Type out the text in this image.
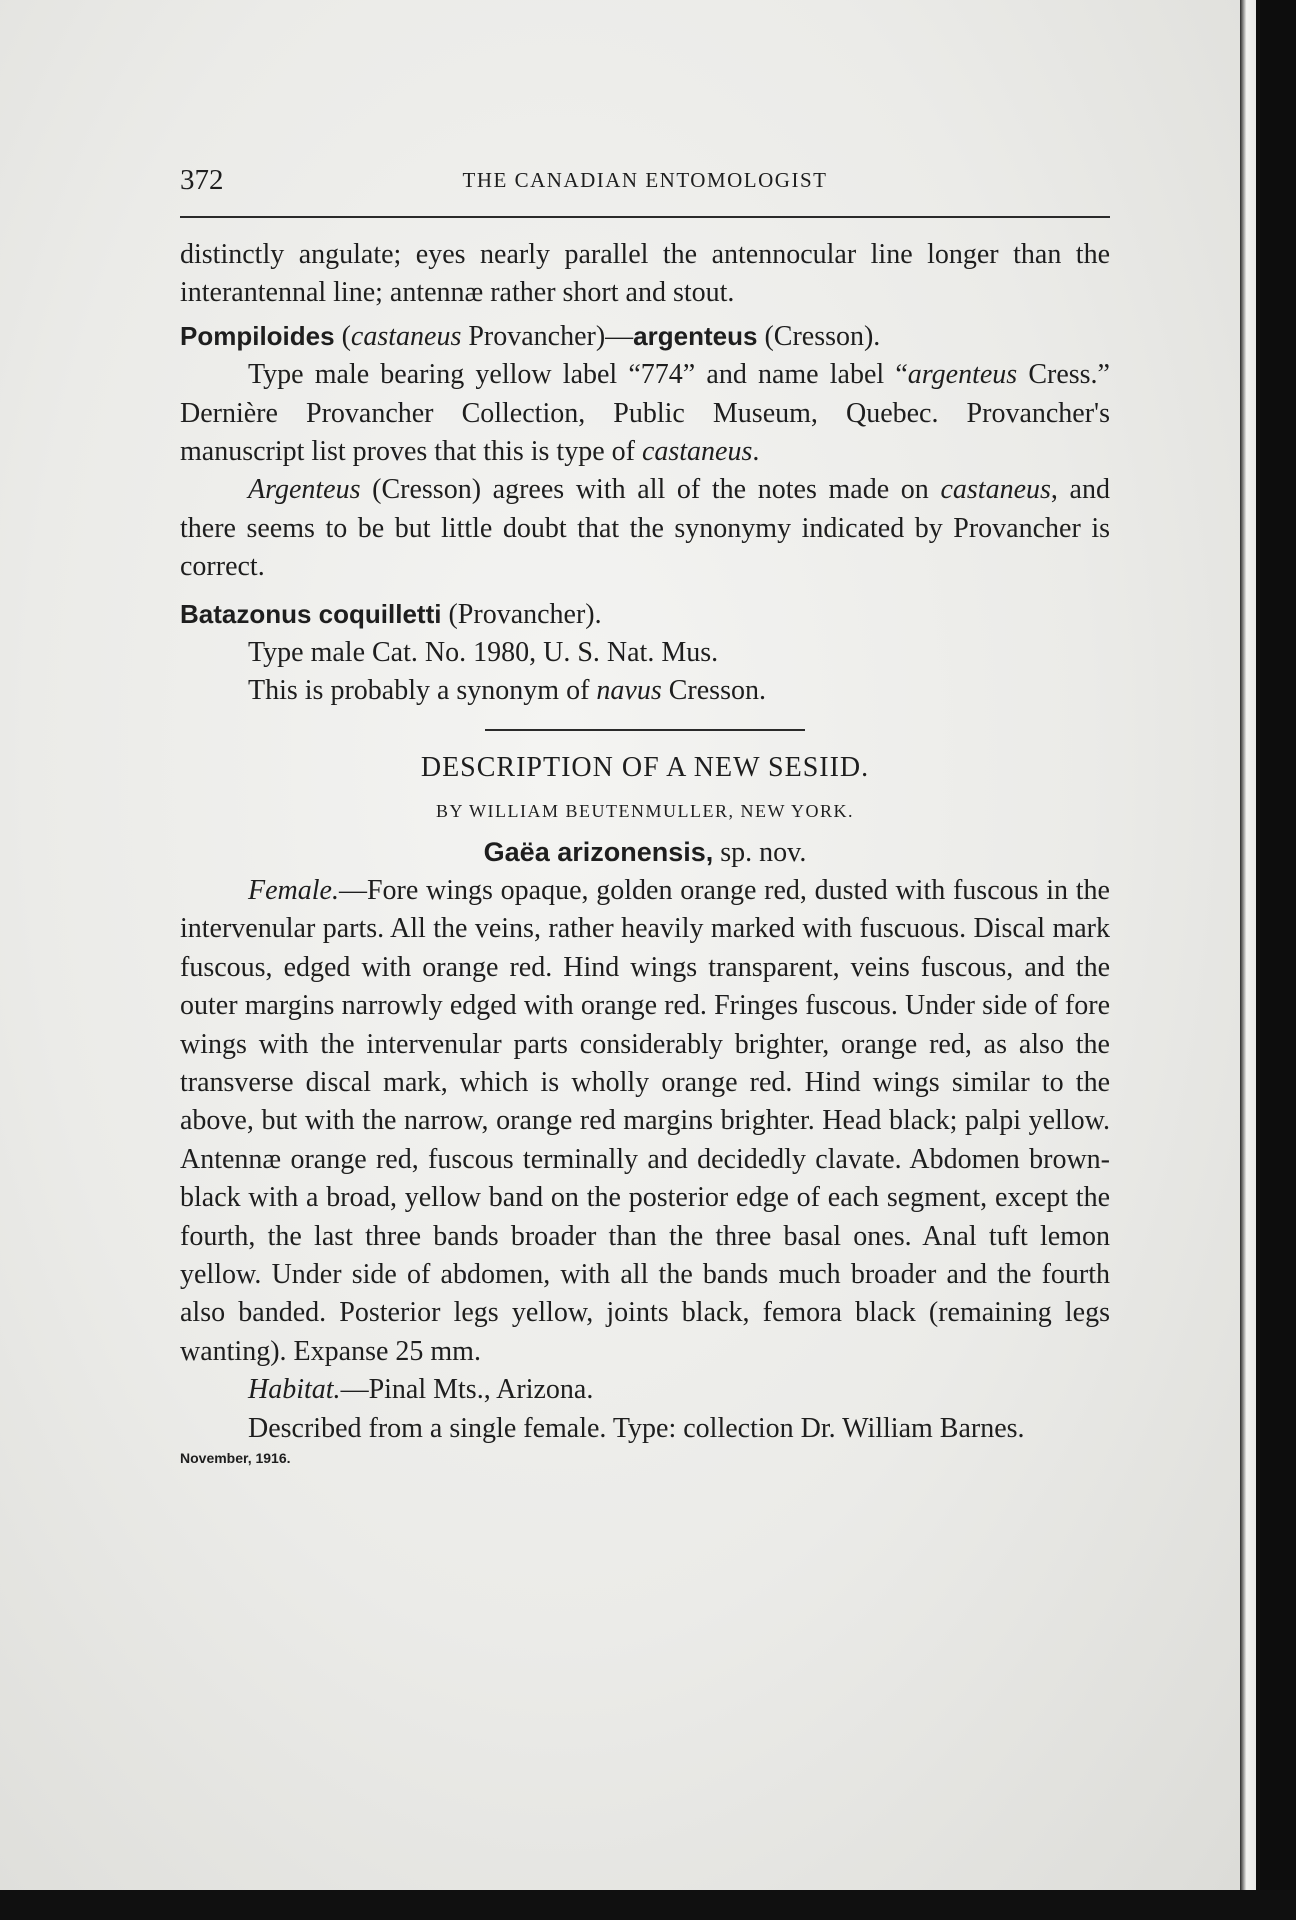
372	THE CANADIAN ENTOMOLOGIST

distinctly angulate; eyes nearly parallel the antennocular line longer than the interantennal line; antennæ rather short and stout.

Pompiloides (castaneus Provancher)—argenteus (Cresson).

Type male bearing yellow label “774” and name label “argenteus Cress.” Dernière Provancher Collection, Public Museum, Quebec. Provancher's manuscript list proves that this is type of castaneus.

Argenteus (Cresson) agrees with all of the notes made on castaneus, and there seems to be but little doubt that the synonymy indicated by Provancher is correct.

Batazonus coquilletti (Provancher).

Type male Cat. No. 1980, U. S. Nat. Mus.

This is probably a synonym of navus Cresson.

DESCRIPTION OF A NEW SESIID.
BY WILLIAM BEUTENMULLER, NEW YORK.
Gaëa arizonensis, sp. nov.

Female.—Fore wings opaque, golden orange red, dusted with fuscous in the intervenular parts. All the veins, rather heavily marked with fuscuous. Discal mark fuscous, edged with orange red. Hind wings transparent, veins fuscous, and the outer margins narrowly edged with orange red. Fringes fuscous. Under side of fore wings with the intervenular parts considerably brighter, orange red, as also the transverse discal mark, which is wholly orange red. Hind wings similar to the above, but with the narrow, orange red margins brighter. Head black; palpi yellow. Antennæ orange red, fuscous terminally and decidedly clavate. Abdomen brown-black with a broad, yellow band on the posterior edge of each segment, except the fourth, the last three bands broader than the three basal ones. Anal tuft lemon yellow. Under side of abdomen, with all the bands much broader and the fourth also banded. Posterior legs yellow, joints black, femora black (remaining legs wanting). Expanse 25 mm.

Habitat.—Pinal Mts., Arizona.

Described from a single female. Type: collection Dr. William Barnes.

November, 1916.
